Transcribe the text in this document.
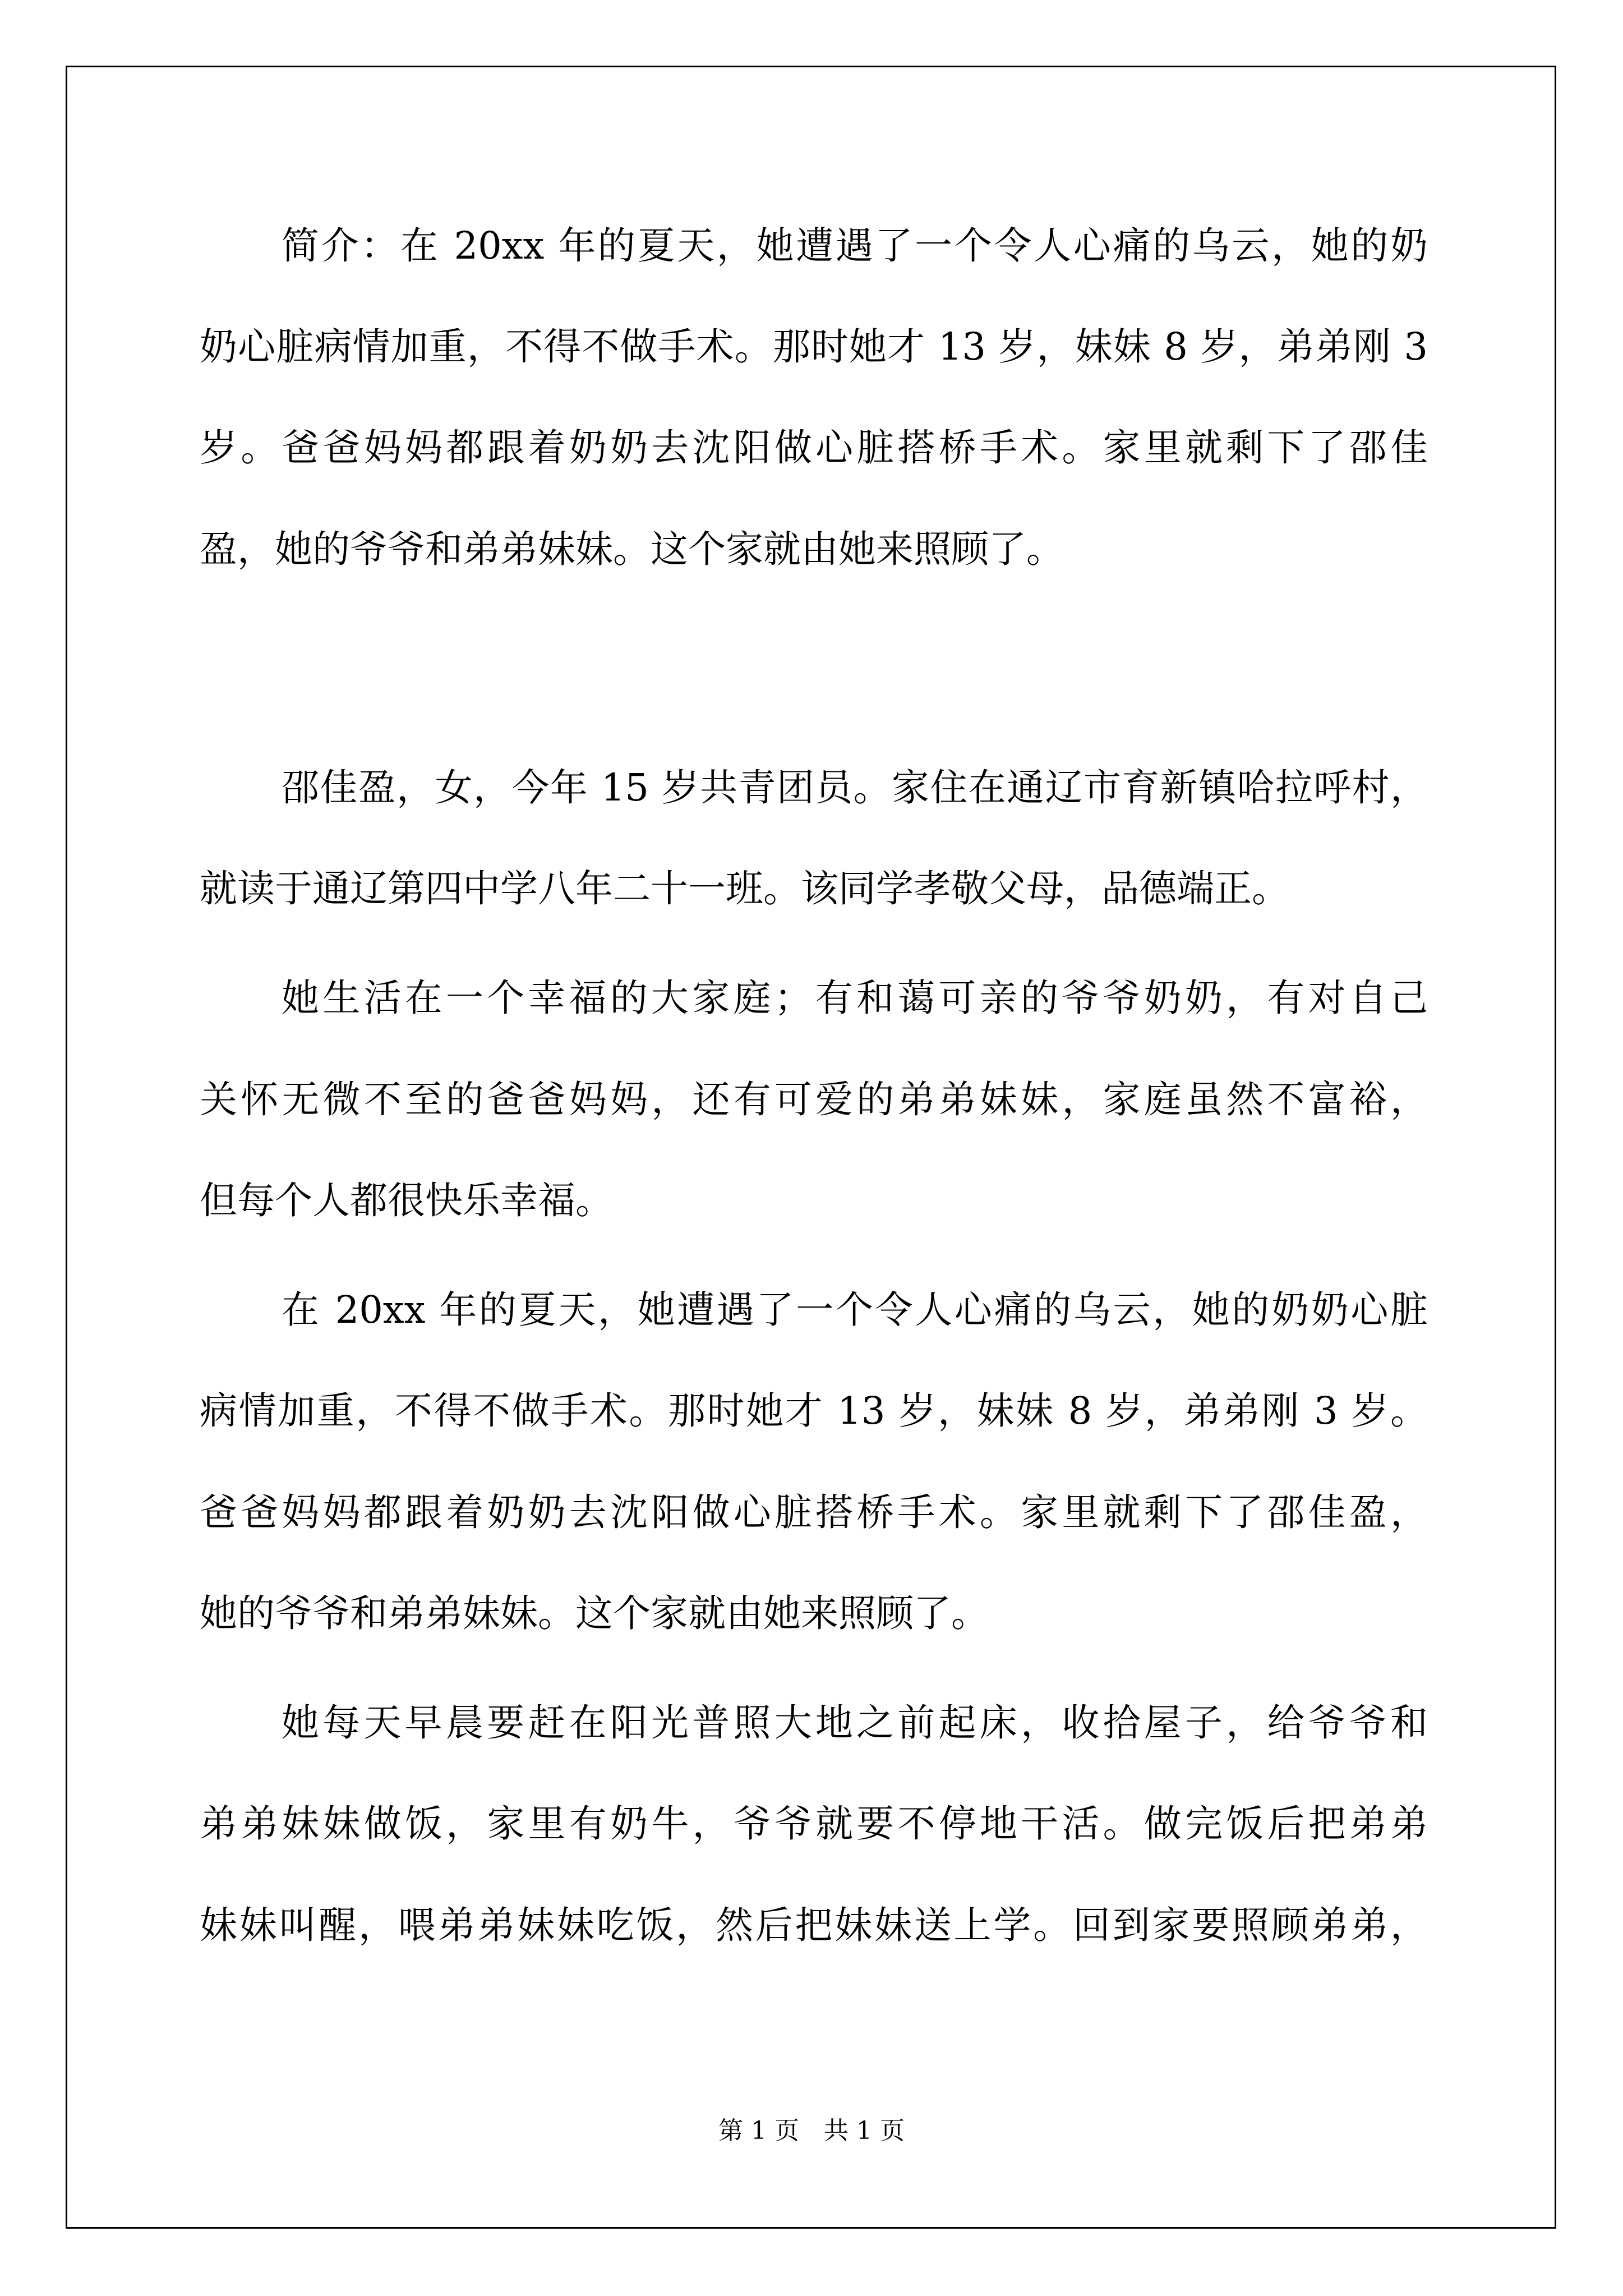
简介：在 20xx 年的夏天，她遭遇了一个令人心痛的乌云，她的奶
奶心脏病情加重，不得不做手术。那时她才 13 岁，妹妹 8 岁，弟弟刚 3
岁。爸爸妈妈都跟着奶奶去沈阳做心脏搭桥手术。家里就剩下了邵佳
盈，她的爷爷和弟弟妹妹。这个家就由她来照顾了。
邵佳盈，女，今年 15 岁共青团员。家住在通辽市育新镇哈拉呼村，
就读于通辽第四中学八年二十一班。该同学孝敬父母，品德端正。
她生活在一个幸福的大家庭；有和蔼可亲的爷爷奶奶，有对自己
关怀无微不至的爸爸妈妈，还有可爱的弟弟妹妹，家庭虽然不富裕，
但每个人都很快乐幸福。
在 20xx 年的夏天，她遭遇了一个令人心痛的乌云，她的奶奶心脏
病情加重，不得不做手术。那时她才 13 岁，妹妹 8 岁，弟弟刚 3 岁。
爸爸妈妈都跟着奶奶去沈阳做心脏搭桥手术。家里就剩下了邵佳盈，
她的爷爷和弟弟妹妹。这个家就由她来照顾了。
她每天早晨要赶在阳光普照大地之前起床，收拾屋子，给爷爷和
弟弟妹妹做饭，家里有奶牛，爷爷就要不停地干活。做完饭后把弟弟
妹妹叫醒，喂弟弟妹妹吃饭，然后把妹妹送上学。回到家要照顾弟弟，
第 1 页　共 1 页
